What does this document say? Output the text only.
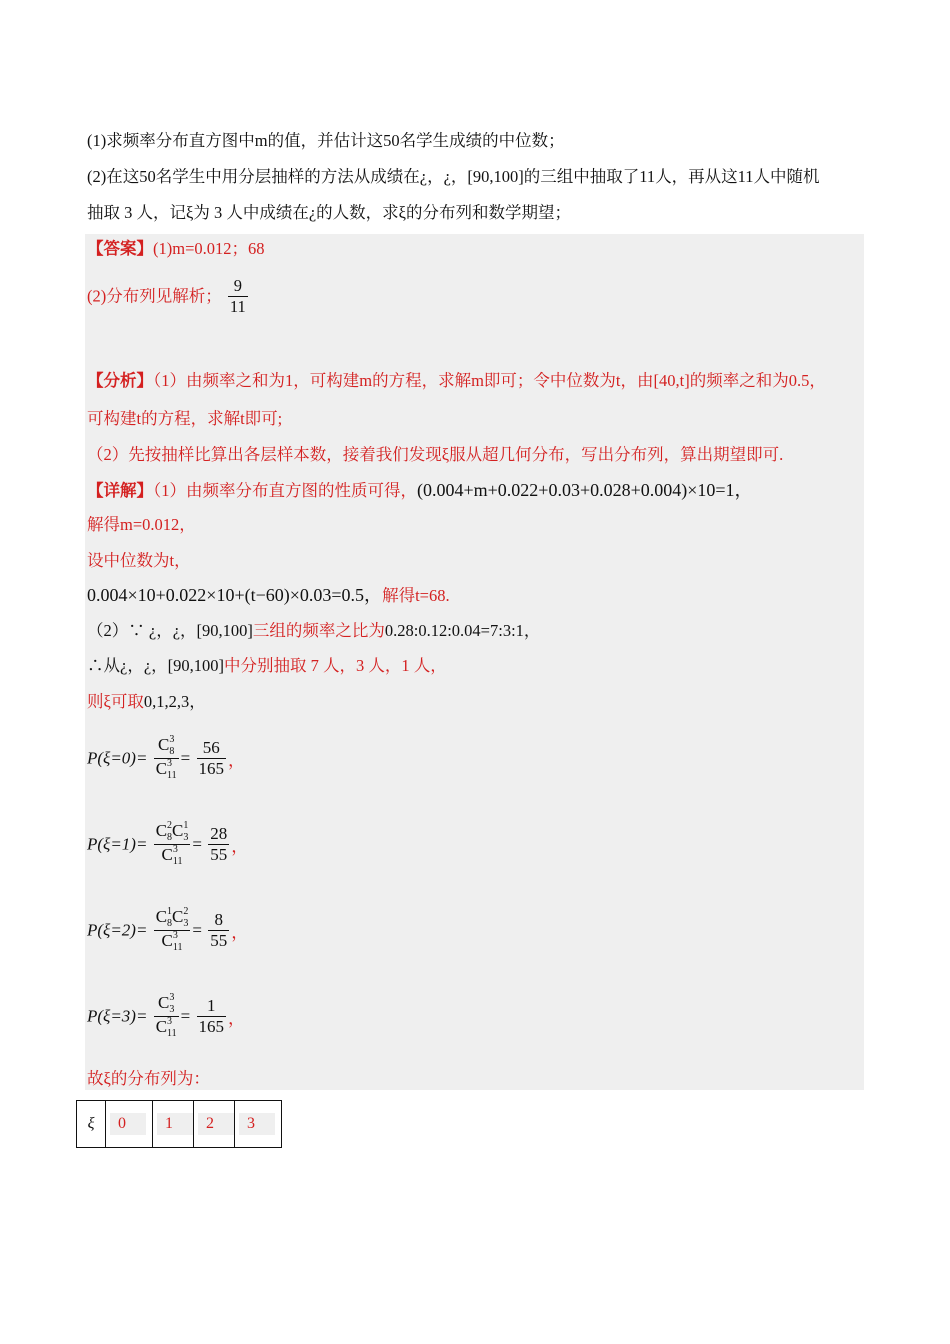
(1)求频率分布直方图中m的值，并估计这50名学生成绩的中位数；
(2)在这50名学生中用分层抽样的方法从成绩在¿，¿，[90,100]的三组中抽取了11人，再从这11人中随机
抽取 3 人，记ξ为 3 人中成绩在¿的人数，求ξ的分布列和数学期望；
【答案】(1)m=0.012；68
(2)分布列见解析； $\frac{9}{11}$
【分析】（1）由频率之和为1，可构建m的方程，求解m即可；令中位数为t，由[40,t]的频率之和为0.5，
可构建t的方程，求解t即可;
（2）先按抽样比算出各层样本数，接着我们发现ξ服从超几何分布，写出分布列，算出期望即可.
【详解】（1）由频率分布直方图的性质可得，(0.004+m+0.022+0.03+0.028+0.004)×10=1，
解得m=0.012，
设中位数为t，
0.004×10+0.022×10+(t−60)×0.03=0.5，解得t=68.
（2）∵ ¿，¿，[90,100]三组的频率之比为0.28:0.12:0.04=7:3:1，
∴从¿，¿，[90,100]中分别抽取 7 人，3 人，1 人，
则ξ可取0,1,2,3，
$P(\xi=0)= \frac{C^3_8}{C^3_{11}} = \frac{56}{165}$ ，
$P(\xi=1)= \frac{C^2_8C^1_3}{C^3_{11}} = \frac{28}{55}$ ，
$P(\xi=2)= \frac{C^1_8C^2_3}{C^3_{11}} = \frac{8}{55}$ ，
$P(\xi=3)= \frac{C^3_3}{C^3_{11}} = \frac{1}{165}$ ，
故ξ的分布列为：
ξ	0	1	2	3
